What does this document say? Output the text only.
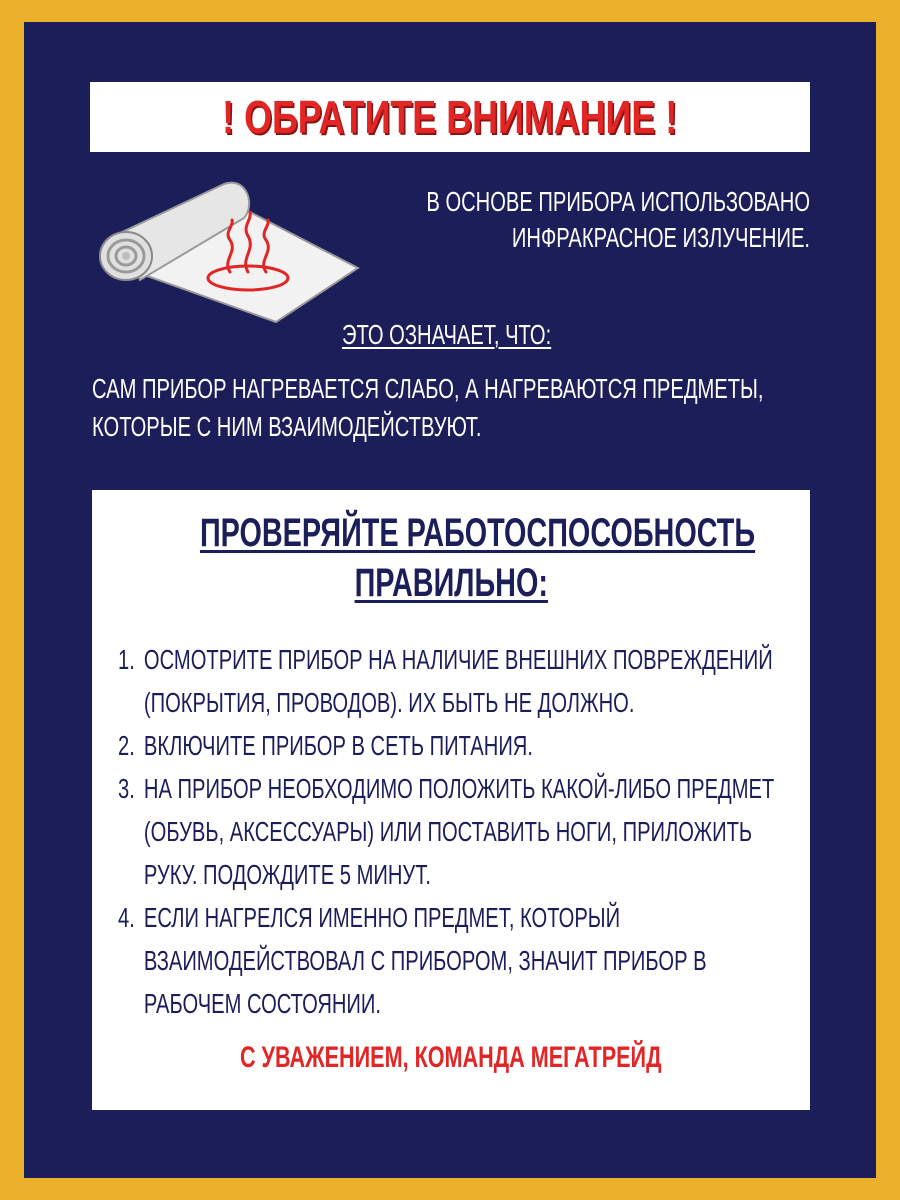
! ОБРАТИТЕ ВНИМАНИЕ !
В ОСНОВЕ ПРИБОРА ИСПОЛЬЗОВАНО
ИНФРАКРАСНОЕ ИЗЛУЧЕНИЕ.
ЭТО ОЗНАЧАЕТ, ЧТО:
САМ ПРИБОР НАГРЕВАЕТСЯ СЛАБО, А НАГРЕВАЮТСЯ ПРЕДМЕТЫ,
КОТОРЫЕ С НИМ ВЗАИМОДЕЙСТВУЮТ.
ПРОВЕРЯЙТЕ РАБОТОСПОСОБНОСТЬ
ПРАВИЛЬНО:
1. ОСМОТРИТЕ ПРИБОР НА НАЛИЧИЕ ВНЕШНИХ ПОВРЕЖДЕНИЙ
(ПОКРЫТИЯ, ПРОВОДОВ). ИХ БЫТЬ НЕ ДОЛЖНО.
2. ВКЛЮЧИТЕ ПРИБОР В СЕТЬ ПИТАНИЯ.
3. НА ПРИБОР НЕОБХОДИМО ПОЛОЖИТЬ КАКОЙ-ЛИБО ПРЕДМЕТ
(ОБУВЬ, АКСЕССУАРЫ) ИЛИ ПОСТАВИТЬ НОГИ, ПРИЛОЖИТЬ
РУКУ. ПОДОЖДИТЕ 5 МИНУТ.
4. ЕСЛИ НАГРЕЛСЯ ИМЕННО ПРЕДМЕТ, КОТОРЫЙ
ВЗАИМОДЕЙСТВОВАЛ С ПРИБОРОМ, ЗНАЧИТ ПРИБОР В
РАБОЧЕМ СОСТОЯНИИ.
С УВАЖЕНИЕМ, КОМАНДА МЕГАТРЕЙД
